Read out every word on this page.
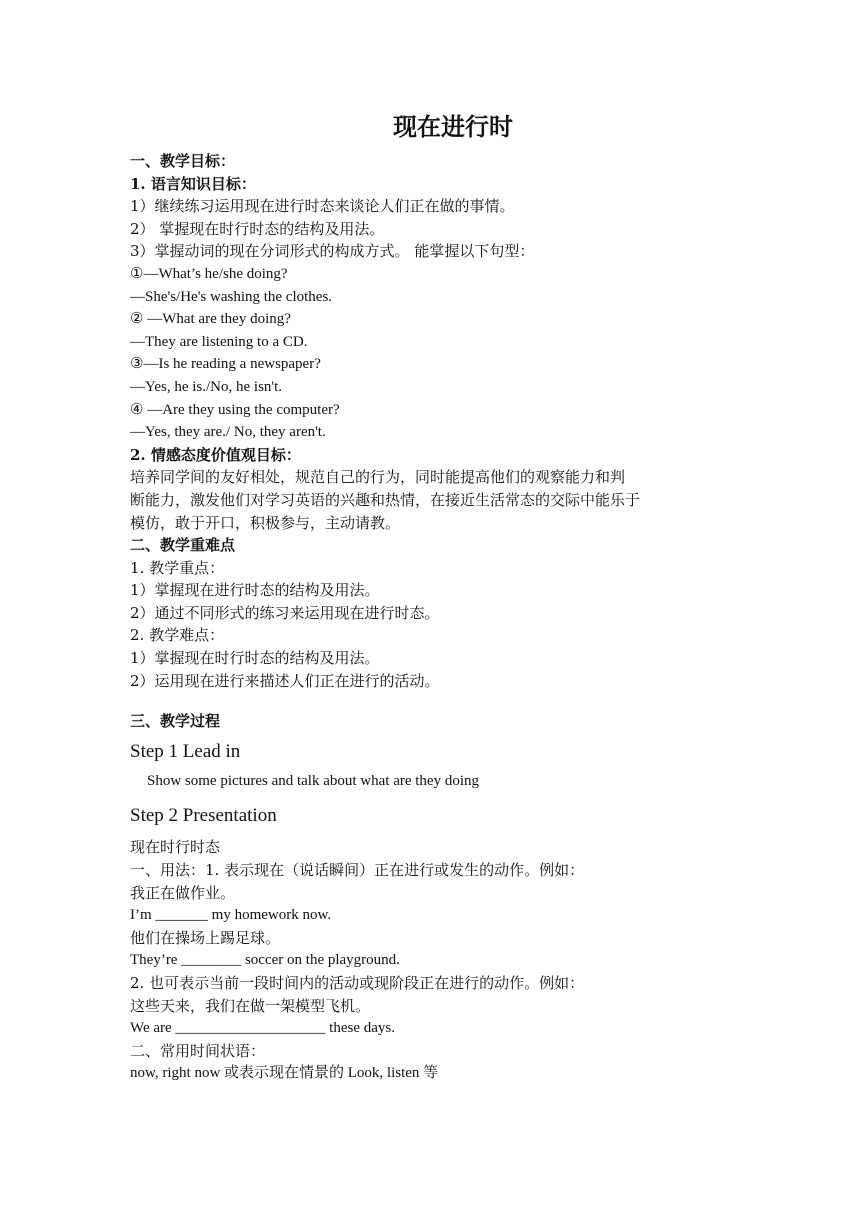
现在进行时
一、教学目标：
1. 语言知识目标：
1）继续练习运用现在进行时态来谈论人们正在做的事情。
2） 掌握现在时行时态的结构及用法。
3）掌握动词的现在分词形式的构成方式。 能掌握以下句型：
①—What’s he/she doing?
—She's/He's washing the clothes.
② —What are they doing?
—They are listening to a CD.
③—Is he reading a newspaper?
—Yes, he is./No, he isn't.
④ —Are they using the computer?
—Yes, they are./ No, they aren't.
2. 情感态度价值观目标：
培养同学间的友好相处，规范自己的行为，同时能提高他们的观察能力和判
断能力，激发他们对学习英语的兴趣和热情，在接近生活常态的交际中能乐于
模仿，敢于开口，积极参与，主动请教。
二、教学重难点
1. 教学重点：
1）掌握现在进行时态的结构及用法。
2）通过不同形式的练习来运用现在进行时态。
2. 教学难点：
1）掌握现在时行时态的结构及用法。
2）运用现在进行来描述人们正在进行的活动。
三、教学过程
Step 1 Lead in
Show some pictures and talk about what are they doing
Step 2 Presentation
现在时行时态
一、用法：1. 表示现在（说话瞬间）正在进行或发生的动作。例如：
我正在做作业。
I’m _______ my homework now.
他们在操场上踢足球。
They’re ________ soccer on the playground.
2. 也可表示当前一段时间内的活动或现阶段正在进行的动作。例如：
这些天来，我们在做一架模型飞机。
We are ____________________ these days.
二、常用时间状语：
now, right now 或表示现在情景的 Look, listen 等
